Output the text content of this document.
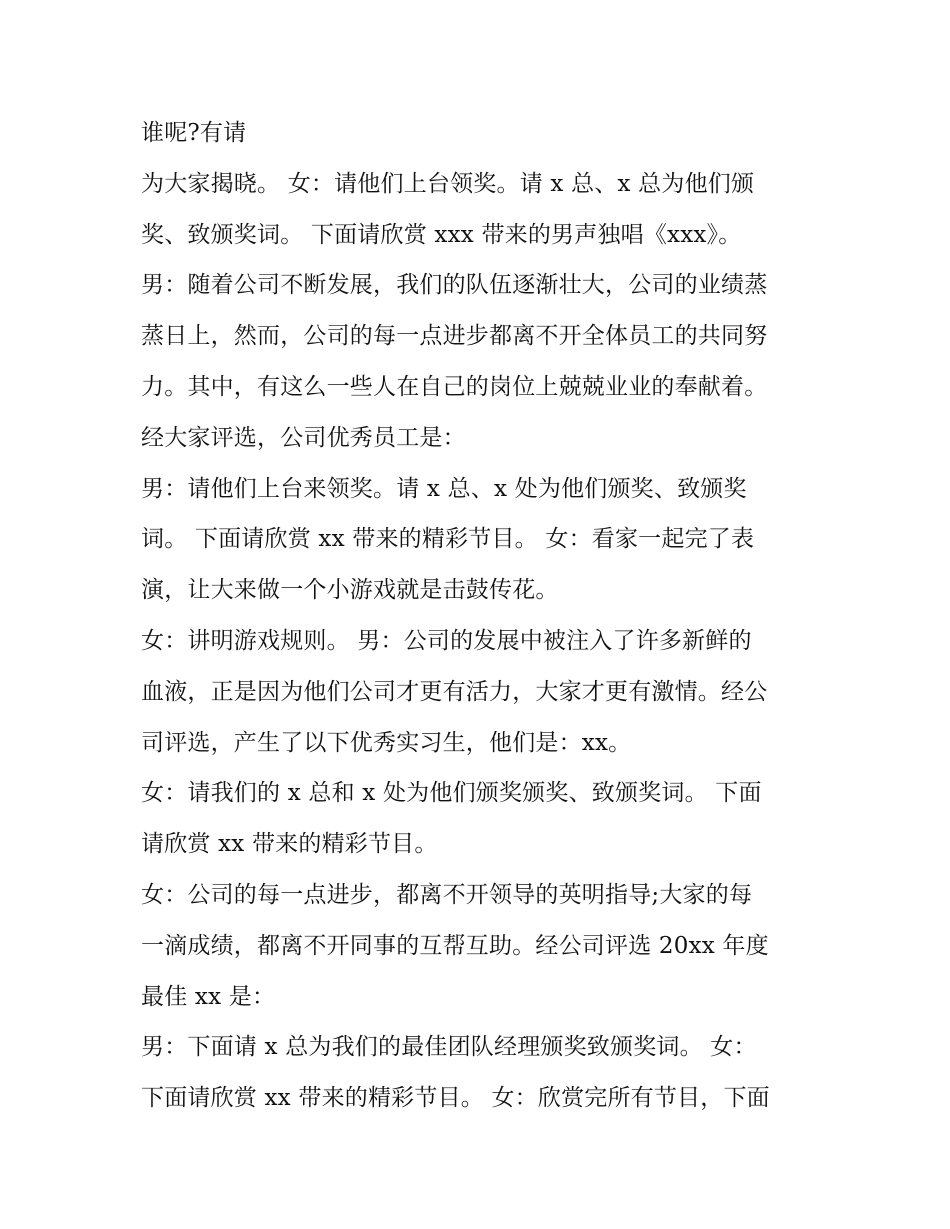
谁呢?有请
为大家揭晓。 女：请他们上台领奖。请 x 总、x 总为他们颁
奖、致颁奖词。 下面请欣赏 xxx 带来的男声独唱《xxx》。
男：随着公司不断发展，我们的队伍逐渐壮大，公司的业绩蒸
蒸日上，然而，公司的每一点进步都离不开全体员工的共同努
力。其中，有这么一些人在自己的岗位上兢兢业业的奉献着。
经大家评选，公司优秀员工是：
男：请他们上台来领奖。请 x 总、x 处为他们颁奖、致颁奖
词。 下面请欣赏 xx 带来的精彩节目。 女：看家一起完了表
演，让大来做一个小游戏就是击鼓传花。
女：讲明游戏规则。 男：公司的发展中被注入了许多新鲜的
血液，正是因为他们公司才更有活力，大家才更有激情。经公
司评选，产生了以下优秀实习生，他们是：xx。
女：请我们的 x 总和 x 处为他们颁奖颁奖、致颁奖词。 下面
请欣赏 xx 带来的精彩节目。
女：公司的每一点进步，都离不开领导的英明指导;大家的每
一滴成绩，都离不开同事的互帮互助。经公司评选 20xx 年度
最佳 xx 是：
男：下面请 x 总为我们的最佳团队经理颁奖致颁奖词。 女：
下面请欣赏 xx 带来的精彩节目。 女：欣赏完所有节目，下面
